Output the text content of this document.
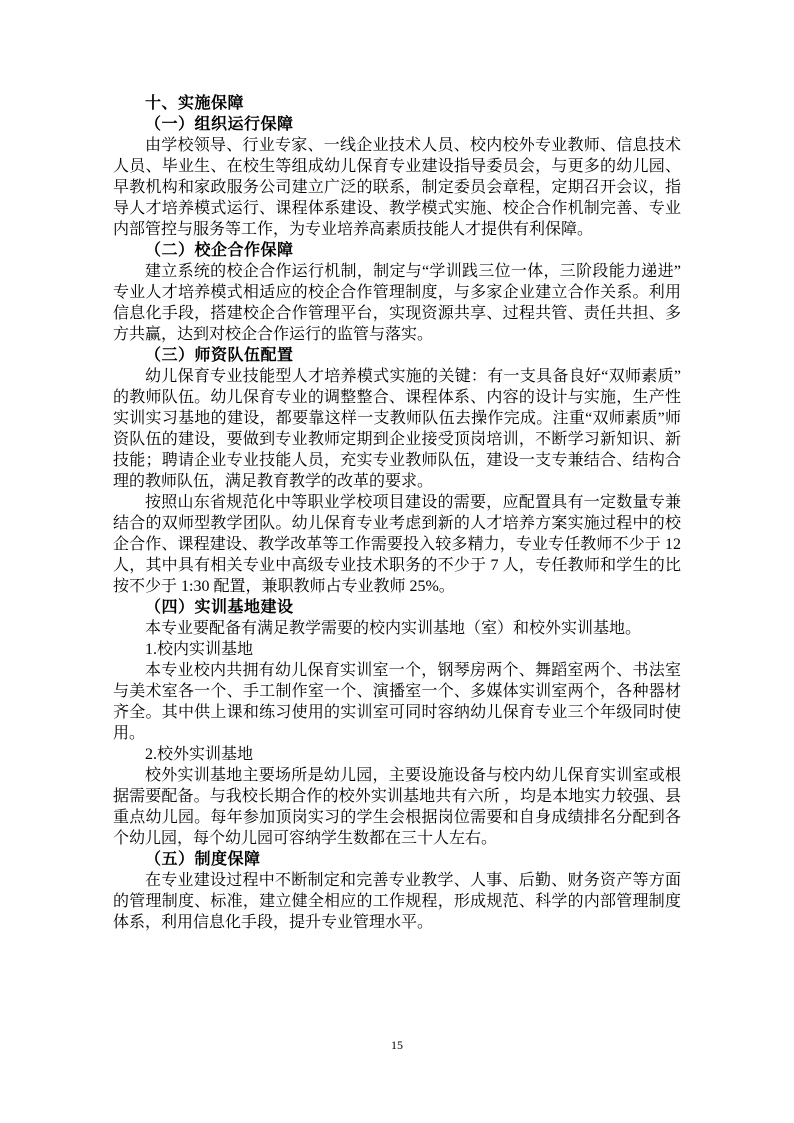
十、实施保障

（一）组织运行保障

由学校领导、行业专家、一线企业技术人员、校内校外专业教师、信息技术人员、毕业生、在校生等组成幼儿保育专业建设指导委员会，与更多的幼儿园、早教机构和家政服务公司建立广泛的联系，制定委员会章程，定期召开会议，指导人才培养模式运行、课程体系建设、教学模式实施、校企合作机制完善、专业内部管控与服务等工作，为专业培养高素质技能人才提供有利保障。

（二）校企合作保障

建立系统的校企合作运行机制，制定与“学训践三位一体，三阶段能力递进”专业人才培养模式相适应的校企合作管理制度，与多家企业建立合作关系。利用信息化手段，搭建校企合作管理平台，实现资源共享、过程共管、责任共担、多方共赢，达到对校企合作运行的监管与落实。

（三）师资队伍配置

幼儿保育专业技能型人才培养模式实施的关键：有一支具备良好“双师素质”的教师队伍。幼儿保育专业的调整整合、课程体系、内容的设计与实施，生产性实训实习基地的建设，都要靠这样一支教师队伍去操作完成。注重“双师素质”师资队伍的建设，要做到专业教师定期到企业接受顶岗培训，不断学习新知识、新技能；聘请企业专业技能人员，充实专业教师队伍，建设一支专兼结合、结构合理的教师队伍，满足教育教学的改革的要求。

按照山东省规范化中等职业学校项目建设的需要，应配置具有一定数量专兼结合的双师型教学团队。幼儿保育专业考虑到新的人才培养方案实施过程中的校企合作、课程建设、教学改革等工作需要投入较多精力，专业专任教师不少于 12 人，其中具有相关专业中高级专业技术职务的不少于 7 人，专任教师和学生的比按不少于 1:30 配置，兼职教师占专业教师 25%。

（四）实训基地建设

本专业要配备有满足教学需要的校内实训基地（室）和校外实训基地。

1.校内实训基地

本专业校内共拥有幼儿保育实训室一个，钢琴房两个、舞蹈室两个、书法室与美术室各一个、手工制作室一个、演播室一个、多媒体实训室两个，各种器材齐全。其中供上课和练习使用的实训室可同时容纳幼儿保育专业三个年级同时使用。

2.校外实训基地

校外实训基地主要场所是幼儿园，主要设施设备与校内幼儿保育实训室或根据需要配备。与我校长期合作的校外实训基地共有六所 ，均是本地实力较强、县重点幼儿园。每年参加顶岗实习的学生会根据岗位需要和自身成绩排名分配到各个幼儿园，每个幼儿园可容纳学生数都在三十人左右。

（五）制度保障

在专业建设过程中不断制定和完善专业教学、人事、后勤、财务资产等方面的管理制度、标准，建立健全相应的工作规程，形成规范、科学的内部管理制度体系，利用信息化手段，提升专业管理水平。

15
